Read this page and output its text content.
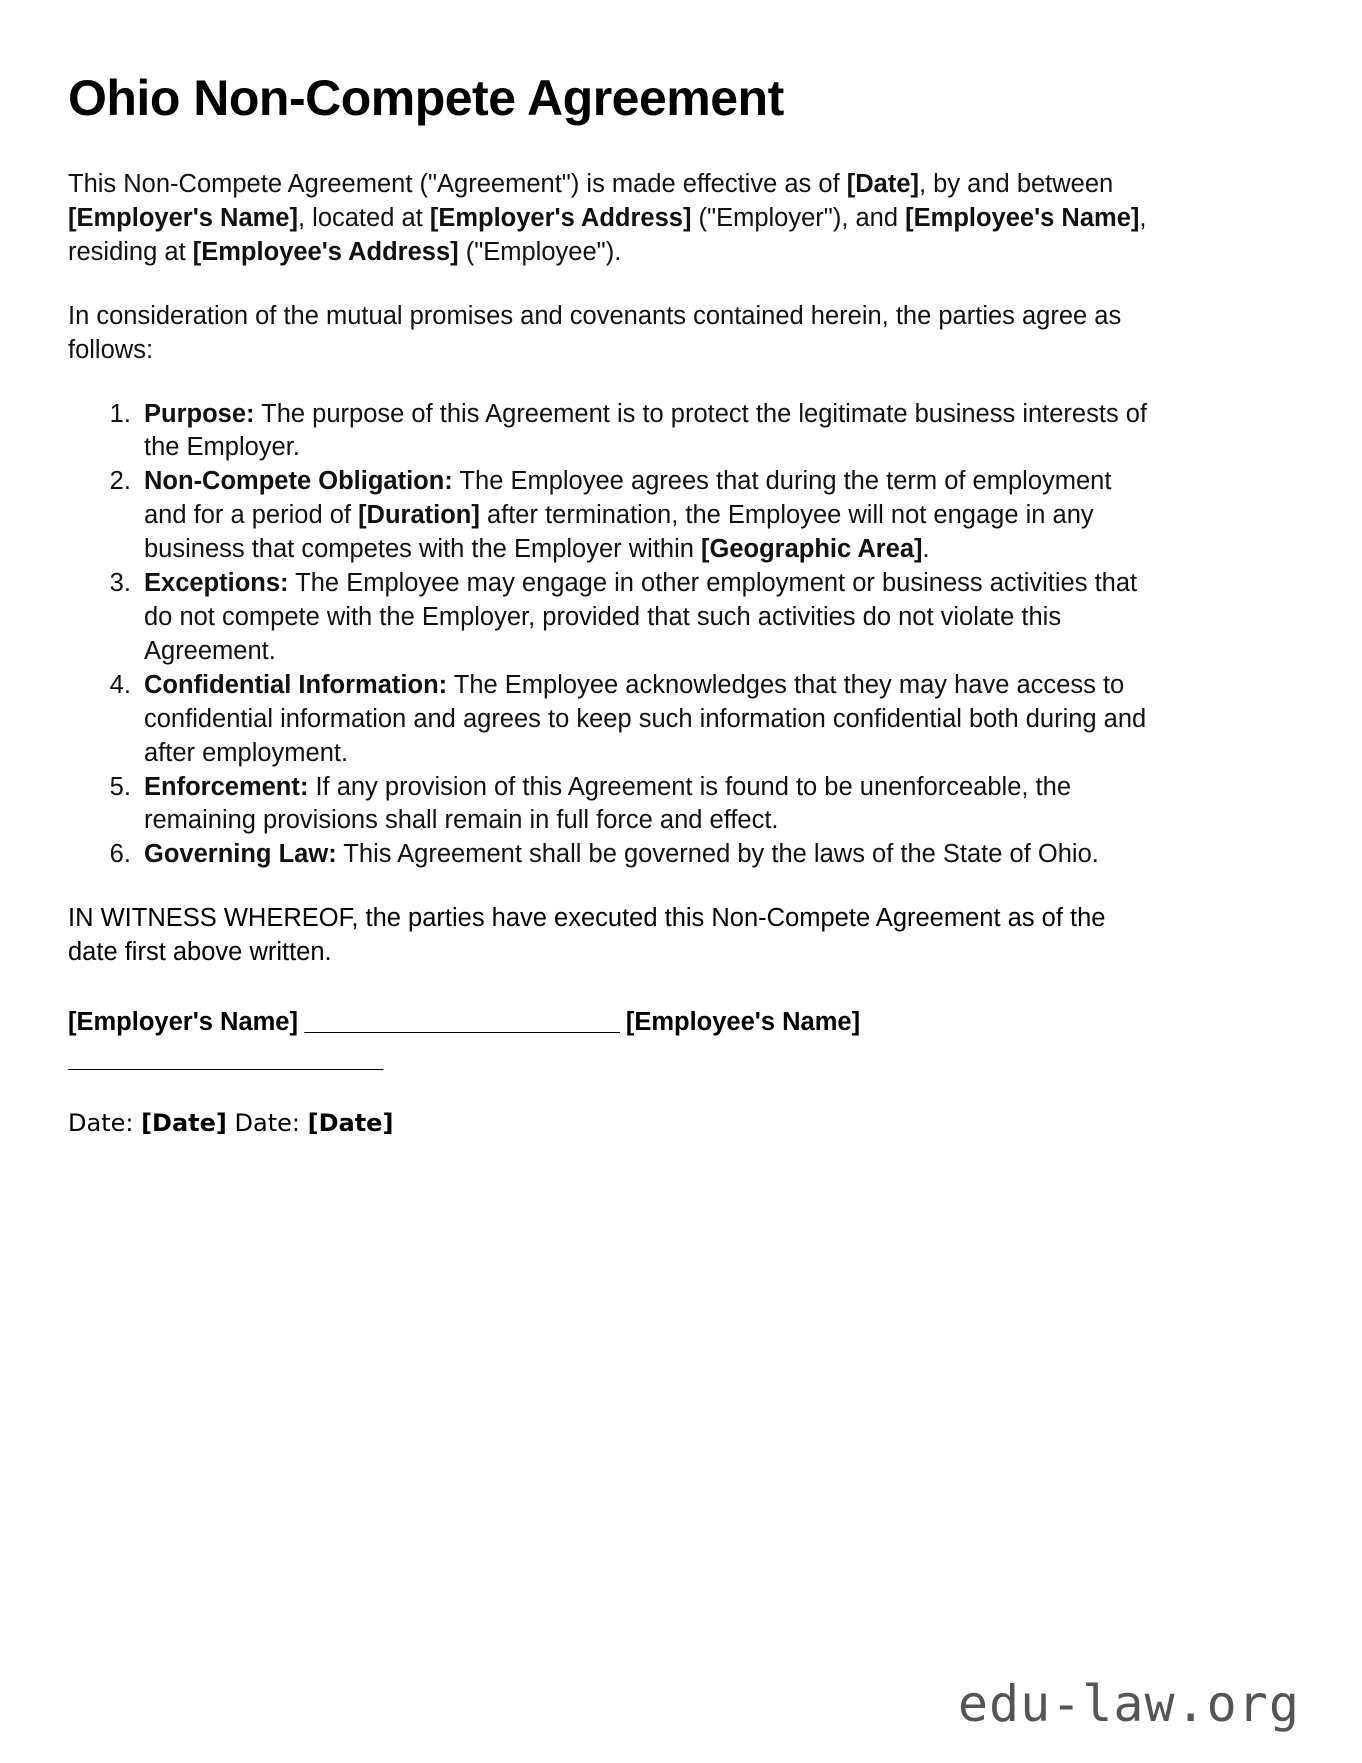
Ohio Non-Compete Agreement

This Non-Compete Agreement ("Agreement") is made effective as of [Date], by and between [Employer's Name], located at [Employer's Address] ("Employer"), and [Employee's Name], residing at [Employee's Address] ("Employee").

In consideration of the mutual promises and covenants contained herein, the parties agree as follows:

1. Purpose: The purpose of this Agreement is to protect the legitimate business interests of the Employer.
2. Non-Compete Obligation: The Employee agrees that during the term of employment and for a period of [Duration] after termination, the Employee will not engage in any business that competes with the Employer within [Geographic Area].
3. Exceptions: The Employee may engage in other employment or business activities that do not compete with the Employer, provided that such activities do not violate this Agreement.
4. Confidential Information: The Employee acknowledges that they may have access to confidential information and agrees to keep such information confidential both during and after employment.
5. Enforcement: If any provision of this Agreement is found to be unenforceable, the remaining provisions shall remain in full force and effect.
6. Governing Law: This Agreement shall be governed by the laws of the State of Ohio.

IN WITNESS WHEREOF, the parties have executed this Non-Compete Agreement as of the date first above written.

[Employer's Name] _______________________ [Employee's Name] _______________________

Date: [Date] Date: [Date]

edu-law.org
